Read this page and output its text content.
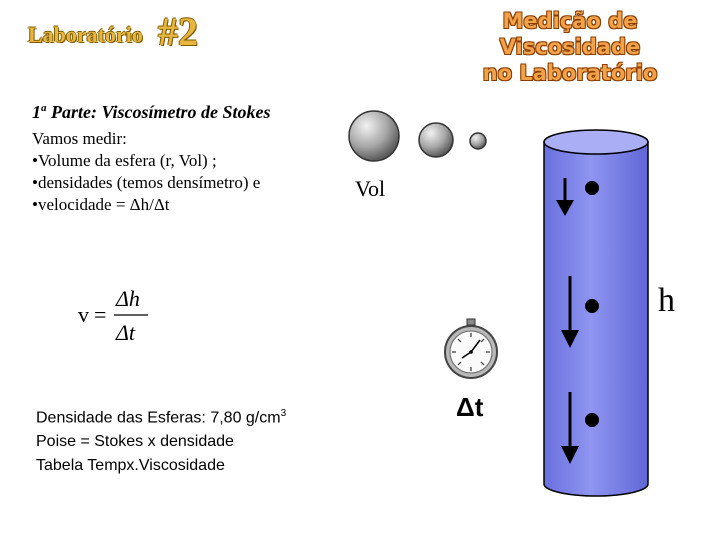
Laboratório #2	Medição de Viscosidade
no Laboratório
1$^a$ Parte: Viscosímetro de Stokes
Vamos medir:
•Volume da esfera (r, Vol) ;
•densidades (temos densímetro) e
•velocidade = Δh/Δt
v =
Δh
Δt
Densidade das Esferas: 7,80 $g/cm^3$
Poise = Stokes x densidade
Tabela Tempx.Viscosidade
Vol
Δt
h
